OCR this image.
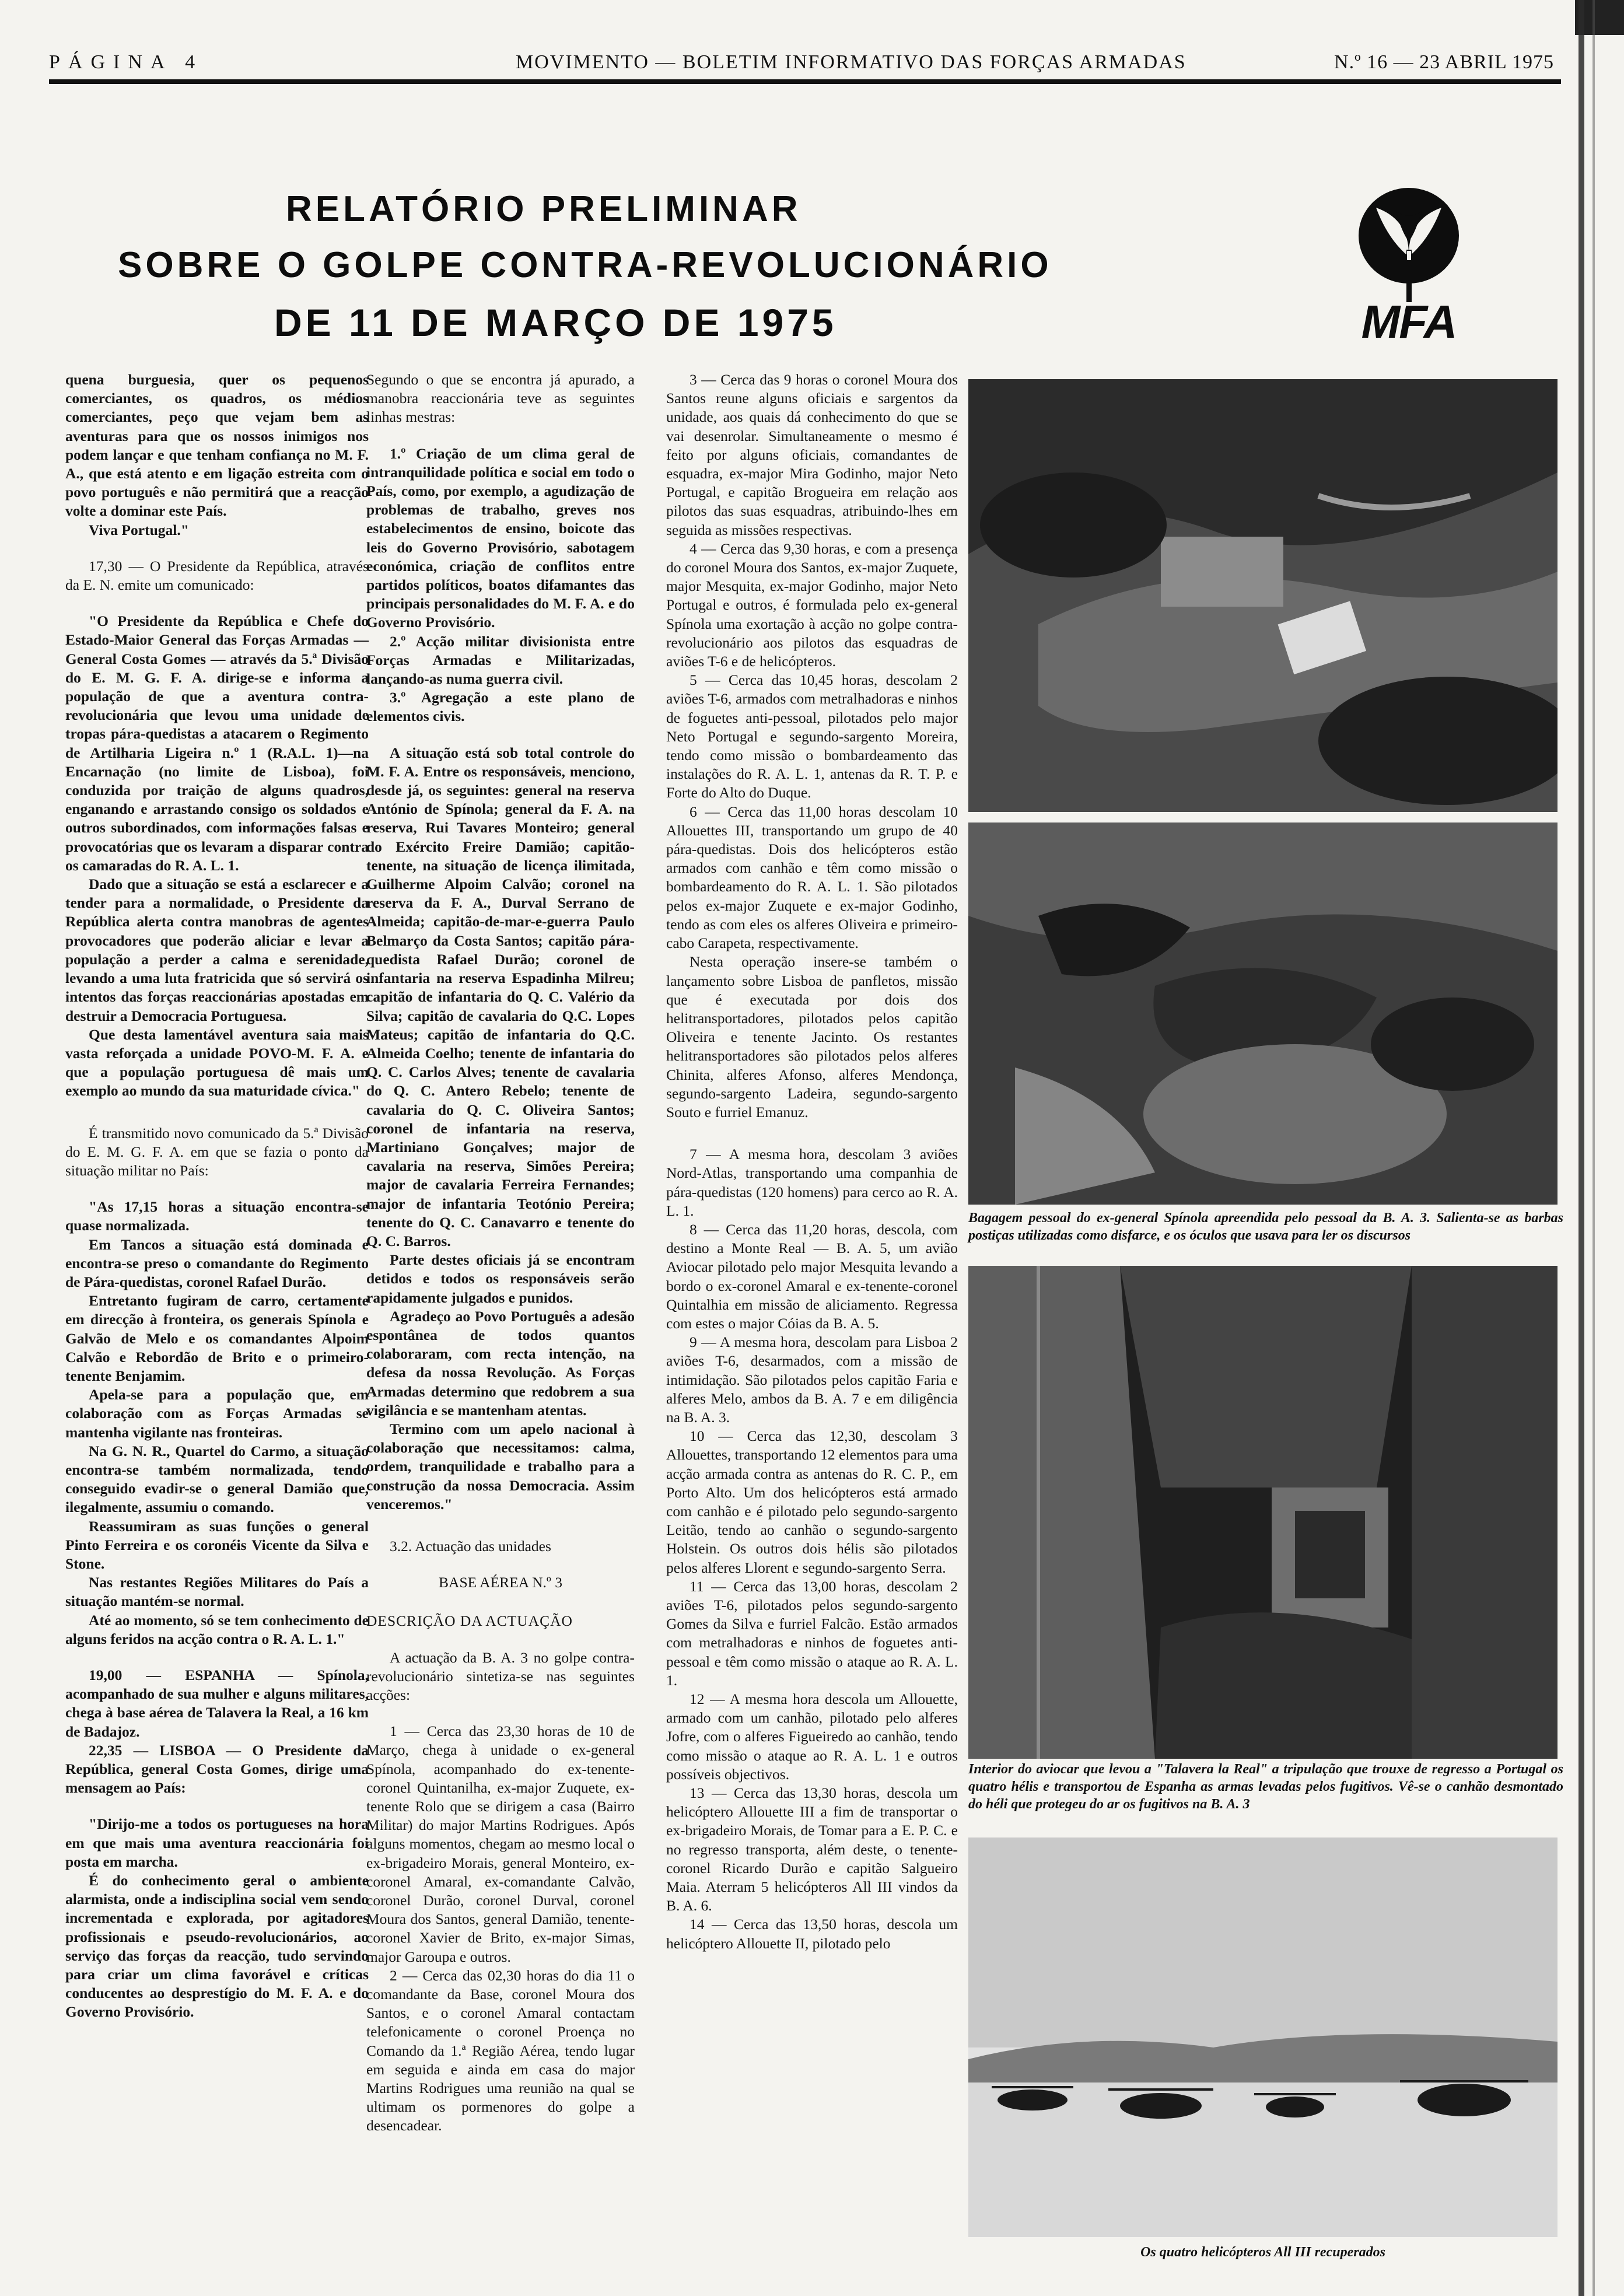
PÁGINA 4	MOVIMENTO — BOLETIM INFORMATIVO DAS FORÇAS ARMADAS	N.º 16 — 23 ABRIL 1975
RELATÓRIO PRELIMINAR
SOBRE O GOLPE CONTRA-REVOLUCIONÁRIO
DE 11 DE MARÇO DE 1975	MFA

quena burguesia, quer os pequenos comerciantes, os quadros, os médios comerciantes, peço que vejam bem as aventuras para que os nossos inimigos nos podem lançar e que tenham confiança no M. F. A., que está atento e em ligação estreita com o povo português e não permitirá que a reacção volte a dominar este País.

Viva Portugal."

17,30 — O Presidente da República, através da E. N. emite um comunicado:

"O Presidente da República e Chefe do Estado-Maior General das Forças Armadas — General Costa Gomes — através da 5.ª Divisão do E. M. G. F. A. dirige-se e informa a população de que a aventura contra-revolucionária que levou uma unidade de tropas pára-quedistas a atacarem o Regimento de Artilharia Ligeira n.º 1 (R.A.L. 1)—na Encarnação (no limite de Lisboa), foi conduzida por traição de alguns quadros, enganando e arrastando consigo os soldados e outros subordinados, com informações falsas e provocatórias que os levaram a disparar contra os camaradas do R. A. L. 1.

Dado que a situação se está a esclarecer e a tender para a normalidade, o Presidente da República alerta contra manobras de agentes provocadores que poderão aliciar e levar a população a perder a calma e serenidade, levando a uma luta fratricida que só servirá os intentos das forças reaccionárias apostadas em destruir a Democracia Portuguesa.

Que desta lamentável aventura saia mais vasta reforçada a unidade POVO-M. F. A. e que a população portuguesa dê mais um exemplo ao mundo da sua maturidade cívica."

É transmitido novo comunicado da 5.ª Divisão do E. M. G. F. A. em que se fazia o ponto da situação militar no País:

"As 17,15 horas a situação encontra-se quase normalizada.

Em Tancos a situação está dominada e encontra-se preso o comandante do Regimento de Pára-quedistas, coronel Rafael Durão.

Entretanto fugiram de carro, certamente em direcção à fronteira, os generais Spínola e Galvão de Melo e os comandantes Alpoim Calvão e Rebordão de Brito e o primeiro-tenente Benjamim.

Apela-se para a população que, em colaboração com as Forças Armadas se mantenha vigilante nas fronteiras.

Na G. N. R., Quartel do Carmo, a situação encontra-se também normalizada, tendo conseguido evadir-se o general Damião que, ilegalmente, assumiu o comando.

Reassumiram as suas funções o general Pinto Ferreira e os coronéis Vicente da Silva e Stone.

Nas restantes Regiões Militares do País a situação mantém-se normal.

Até ao momento, só se tem conhecimento de alguns feridos na acção contra o R. A. L. 1."

19,00 — ESPANHA — Spínola, acompanhado de sua mulher e alguns militares, chega à base aérea de Talavera la Real, a 16 km de Badajoz.

22,35 — LISBOA — O Presidente da República, general Costa Gomes, dirige uma mensagem ao País:

"Dirijo-me a todos os portugueses na hora em que mais uma aventura reaccionária foi posta em marcha.

É do conhecimento geral o ambiente alarmista, onde a indisciplina social vem sendo incrementada e explorada, por agitadores profissionais e pseudo-revolucionários, ao serviço das forças da reacção, tudo servindo para criar um clima favorável e críticas conducentes ao desprestígio do M. F. A. e do Governo Provisório.

Segundo o que se encontra já apurado, a manobra reaccionária teve as seguintes linhas mestras:

1.º Criação de um clima geral de intranquilidade política e social em todo o País, como, por exemplo, a agudização de problemas de trabalho, greves nos estabelecimentos de ensino, boicote das leis do Governo Provisório, sabotagem económica, criação de conflitos entre partidos políticos, boatos difamantes das principais personalidades do M. F. A. e do Governo Provisório.

2.º Acção militar divisionista entre Forças Armadas e Militarizadas, lançando-as numa guerra civil.

3.º Agregação a este plano de elementos civis.

A situação está sob total controle do M. F. A. Entre os responsáveis, menciono, desde já, os seguintes: general na reserva António de Spínola; general da F. A. na reserva, Rui Tavares Monteiro; general do Exército Freire Damião; capitão-tenente, na situação de licença ilimitada, Guilherme Alpoim Calvão; coronel na reserva da F. A., Durval Serrano de Almeida; capitão-de-mar-e-guerra Paulo Belmarço da Costa Santos; capitão pára-quedista Rafael Durão; coronel de infantaria na reserva Espadinha Milreu; capitão de infantaria do Q. C. Valério da Silva; capitão de cavalaria do Q.C. Lopes Mateus; capitão de infantaria do Q.C. Almeida Coelho; tenente de infantaria do Q. C. Carlos Alves; tenente de cavalaria do Q. C. Antero Rebelo; tenente de cavalaria do Q. C. Oliveira Santos; coronel de infantaria na reserva, Martiniano Gonçalves; major de cavalaria na reserva, Simões Pereira; major de cavalaria Ferreira Fernandes; major de infantaria Teotónio Pereira; tenente do Q. C. Canavarro e tenente do Q. C. Barros.

Parte destes oficiais já se encontram detidos e todos os responsáveis serão rapidamente julgados e punidos.

Agradeço ao Povo Português a adesão espontânea de todos quantos colaboraram, com recta intenção, na defesa da nossa Revolução. As Forças Armadas determino que redobrem a sua vigilância e se mantenham atentas.

Termino com um apelo nacional à colaboração que necessitamos: calma, ordem, tranquilidade e trabalho para a construção da nossa Democracia. Assim venceremos."

3.2. Actuação das unidades

BASE AÉREA N.º 3

DESCRIÇÃO DA ACTUAÇÃO

A actuação da B. A. 3 no golpe contra-revolucionário sintetiza-se nas seguintes acções:

1 — Cerca das 23,30 horas de 10 de Março, chega à unidade o ex-general Spínola, acompanhado do ex-tenente-coronel Quintanilha, ex-major Zuquete, ex-tenente Rolo que se dirigem a casa (Bairro Militar) do major Martins Rodrigues. Após alguns momentos, chegam ao mesmo local o ex-brigadeiro Morais, general Monteiro, ex-coronel Amaral, ex-comandante Calvão, coronel Durão, coronel Durval, coronel Moura dos Santos, general Damião, tenente-coronel Xavier de Brito, ex-major Simas, major Garoupa e outros.

2 — Cerca das 02,30 horas do dia 11 o comandante da Base, coronel Moura dos Santos, e o coronel Amaral contactam telefonicamente o coronel Proença no Comando da 1.ª Região Aérea, tendo lugar em seguida e ainda em casa do major Martins Rodrigues uma reunião na qual se ultimam os pormenores do golpe a desencadear.

3 — Cerca das 9 horas o coronel Moura dos Santos reune alguns oficiais e sargentos da unidade, aos quais dá conhecimento do que se vai desenrolar. Simultaneamente o mesmo é feito por alguns oficiais, comandantes de esquadra, ex-major Mira Godinho, major Neto Portugal, e capitão Brogueira em relação aos pilotos das suas esquadras, atribuindo-lhes em seguida as missões respectivas.

4 — Cerca das 9,30 horas, e com a presença do coronel Moura dos Santos, ex-major Zuquete, major Mesquita, ex-major Godinho, major Neto Portugal e outros, é formulada pelo ex-general Spínola uma exortação à acção no golpe contra-revolucionário aos pilotos das esquadras de aviões T-6 e de helicópteros.

5 — Cerca das 10,45 horas, descolam 2 aviões T-6, armados com metralhadoras e ninhos de foguetes anti-pessoal, pilotados pelo major Neto Portugal e segundo-sargento Moreira, tendo como missão o bombardeamento das instalações do R. A. L. 1, antenas da R. T. P. e Forte do Alto do Duque.

6 — Cerca das 11,00 horas descolam 10 Allouettes III, transportando um grupo de 40 pára-quedistas. Dois dos helicópteros estão armados com canhão e têm como missão o bombardeamento do R. A. L. 1. São pilotados pelos ex-major Zuquete e ex-major Godinho, tendo as com eles os alferes Oliveira e primeiro-cabo Carapeta, respectivamente.

Nesta operação insere-se também o lançamento sobre Lisboa de panfletos, missão que é executada por dois dos helitransportadores, pilotados pelos capitão Oliveira e tenente Jacinto. Os restantes helitransportadores são pilotados pelos alferes Chinita, alferes Afonso, alferes Mendonça, segundo-sargento Ladeira, segundo-sargento Souto e furriel Emanuz.

7 — A mesma hora, descolam 3 aviões Nord-Atlas, transportando uma companhia de pára-quedistas (120 homens) para cerco ao R. A. L. 1.

8 — Cerca das 11,20 horas, descola, com destino a Monte Real — B. A. 5, um avião Aviocar pilotado pelo major Mesquita levando a bordo o ex-coronel Amaral e ex-tenente-coronel Quintalhia em missão de aliciamento. Regressa com estes o major Cóias da B. A. 5.

9 — A mesma hora, descolam para Lisboa 2 aviões T-6, desarmados, com a missão de intimidação. São pilotados pelos capitão Faria e alferes Melo, ambos da B. A. 7 e em diligência na B. A. 3.

10 — Cerca das 12,30, descolam 3 Allouettes, transportando 12 elementos para uma acção armada contra as antenas do R. C. P., em Porto Alto. Um dos helicópteros está armado com canhão e é pilotado pelo segundo-sargento Leitão, tendo ao canhão o segundo-sargento Holstein. Os outros dois hélis são pilotados pelos alferes Llorent e segundo-sargento Serra.

11 — Cerca das 13,00 horas, descolam 2 aviões T-6, pilotados pelos segundo-sargento Gomes da Silva e furriel Falcão. Estão armados com metralhadoras e ninhos de foguetes anti-pessoal e têm como missão o ataque ao R. A. L. 1.

12 — A mesma hora descola um Allouette, armado com um canhão, pilotado pelo alferes Jofre, com o alferes Figueiredo ao canhão, tendo como missão o ataque ao R. A. L. 1 e outros possíveis objectivos.

13 — Cerca das 13,30 horas, descola um helicóptero Allouette III a fim de transportar o ex-brigadeiro Morais, de Tomar para a E. P. C. e no regresso transporta, além deste, o tenente-coronel Ricardo Durão e capitão Salgueiro Maia. Aterram 5 helicópteros All III vindos da B. A. 6.

14 — Cerca das 13,50 horas, descola um helicóptero Allouette II, pilotado pelo

Bagagem pessoal do ex-general Spínola apreendida pelo pessoal da B. A. 3. Salienta-se as barbas postiças utilizadas como disfarce, e os óculos que usava para ler os discursos
Interior do aviocar que levou a "Talavera la Real" a tripulação que trouxe de regresso a Portugal os quatro hélis e transportou de Espanha as armas levadas pelos fugitivos. Vê-se o canhão desmontado do héli que protegeu do ar os fugitivos na B. A. 3
Os quatro helicópteros All III recuperados
